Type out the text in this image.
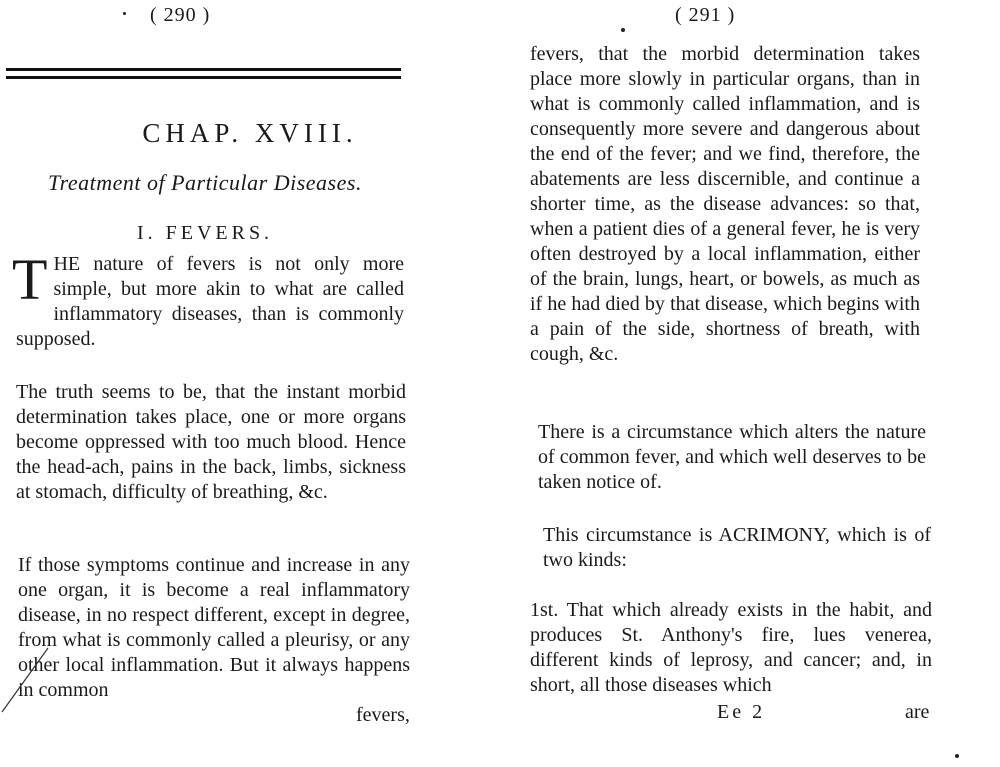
( 290 )
CHAP. XVIII.
Treatment of Particular Diseases.
I. FEVERS.

THE nature of fevers is not only more simple, but more akin to what are called inflammatory diseases, than is commonly supposed.

The truth seems to be, that the instant morbid determination takes place, one or more organs become oppressed with too much blood. Hence the head-ach, pains in the back, limbs, sickness at stomach, difficulty of breathing, &c.

If those symptoms continue and increase in any one organ, it is become a real inflammatory disease, in no respect different, except in degree, from what is commonly called a pleurisy, or any other local inflammation. But it always happens in common

fevers,
( 291 )

fevers, that the morbid determination takes place more slowly in particular organs, than in what is commonly called inflammation, and is consequently more severe and dangerous about the end of the fever; and we find, therefore, the abatements are less discernible, and continue a shorter time, as the disease advances: so that, when a patient dies of a general fever, he is very often destroyed by a local inflammation, either of the brain, lungs, heart, or bowels, as much as if he had died by that disease, which begins with a pain of the side, shortness of breath, with cough, &c.

There is a circumstance which alters the nature of common fever, and which well deserves to be taken notice of.

This circumstance is ACRIMONY, which is of two kinds:

1st. That which already exists in the habit, and produces St. Anthony's fire, lues venerea, different kinds of leprosy, and cancer; and, in short, all those diseases which

Ee 2	are
